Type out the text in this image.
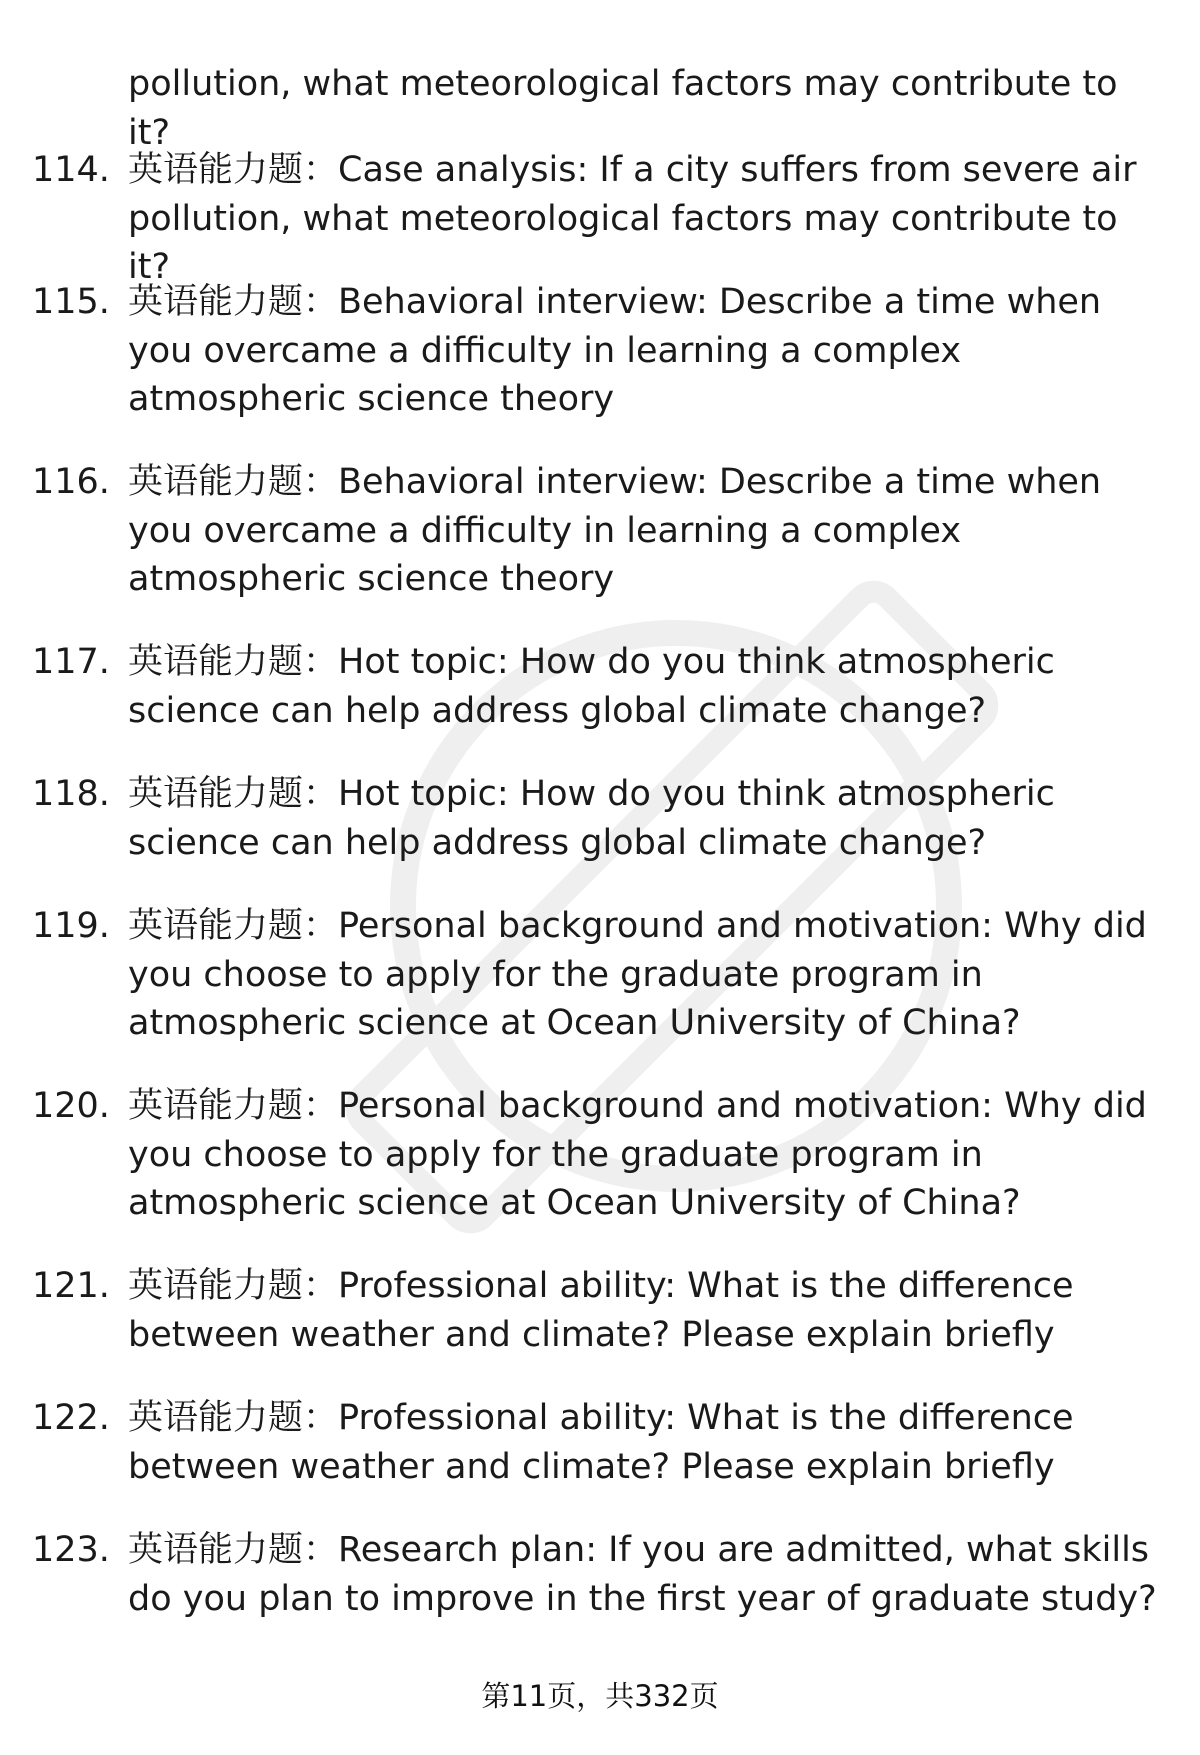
pollution, what meteorological factors may contribute to it?
114. 英语能力题：Case analysis: If a city suffers from severe air
pollution, what meteorological factors may contribute to it?
115. 英语能力题：Behavioral interview: Describe a time when
you overcame a difficulty in learning a complex
atmospheric science theory
116. 英语能力题：Behavioral interview: Describe a time when
you overcame a difficulty in learning a complex
atmospheric science theory
117. 英语能力题：Hot topic: How do you think atmospheric
science can help address global climate change?
118. 英语能力题：Hot topic: How do you think atmospheric
science can help address global climate change?
119. 英语能力题：Personal background and motivation: Why did
you choose to apply for the graduate program in
atmospheric science at Ocean University of China?
120. 英语能力题：Personal background and motivation: Why did
you choose to apply for the graduate program in
atmospheric science at Ocean University of China?
121. 英语能力题：Professional ability: What is the difference
between weather and climate? Please explain briefly
122. 英语能力题：Professional ability: What is the difference
between weather and climate? Please explain briefly
123. 英语能力题：Research plan: If you are admitted, what skills
do you plan to improve in the first year of graduate study?
第11页，共332页
